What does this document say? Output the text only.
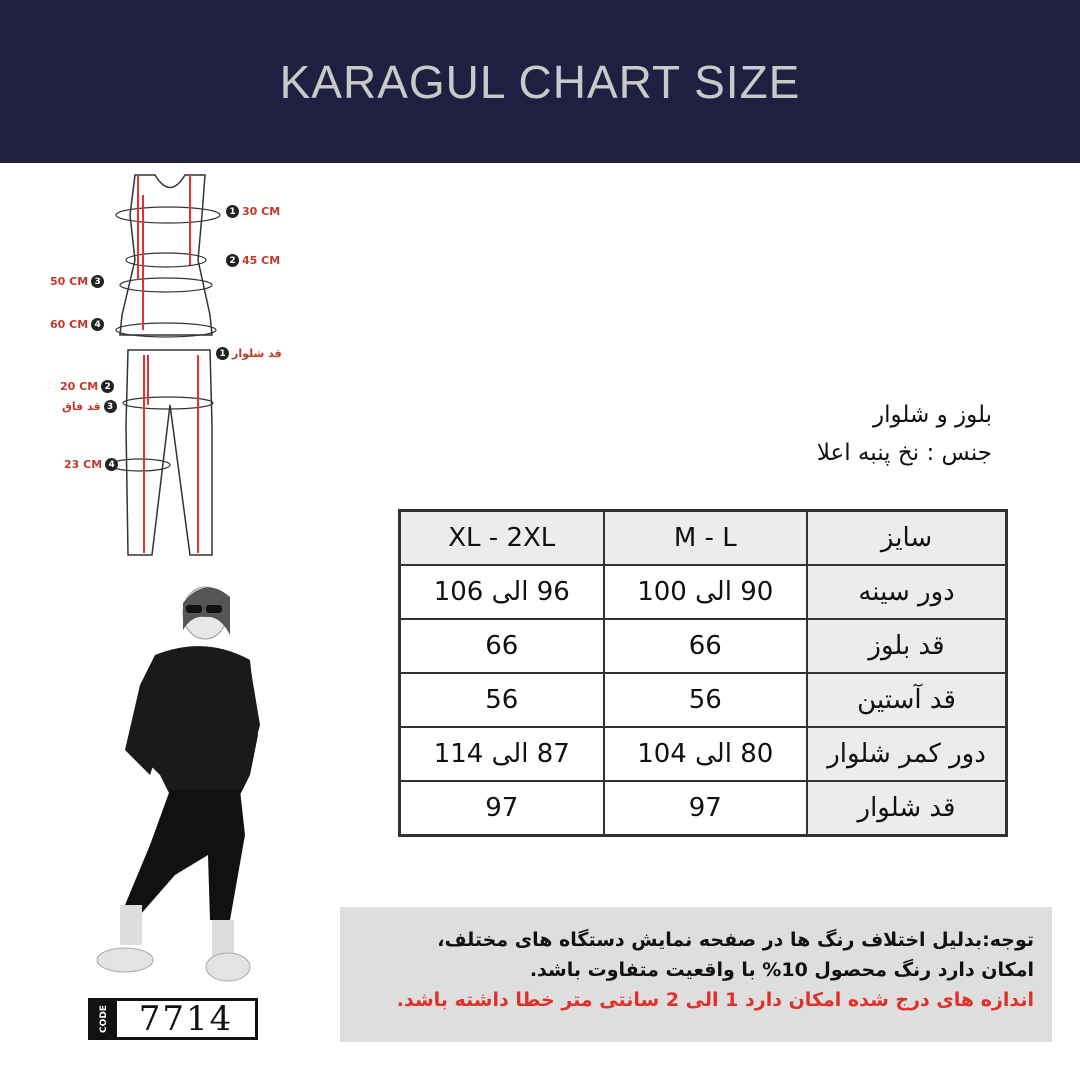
KARAGUL CHART SIZE
1 30 CM
2 45 CM
50 CM 3
60 CM 4
1 قد شلوار
20 CM 2
قد فاق 3
23 CM 4
CODE 7714
بلوز و شلوار
جنس : نخ پنبه اعلا
XL - 2XL	M - L	سایز
96 الی 106	90 الی 100	دور سینه
66	66	قد بلوز
56	56	قد آستین
87 الی 114	80 الی 104	دور کمر شلوار
97	97	قد شلوار
توجه:بدلیل اختلاف رنگ ها در صفحه نمایش دستگاه های مختلف،
امکان دارد رنگ محصول 10% با واقعیت متفاوت باشد.
اندازه های درج شده امکان دارد 1 الی 2 سانتی متر خطا داشته باشد.
